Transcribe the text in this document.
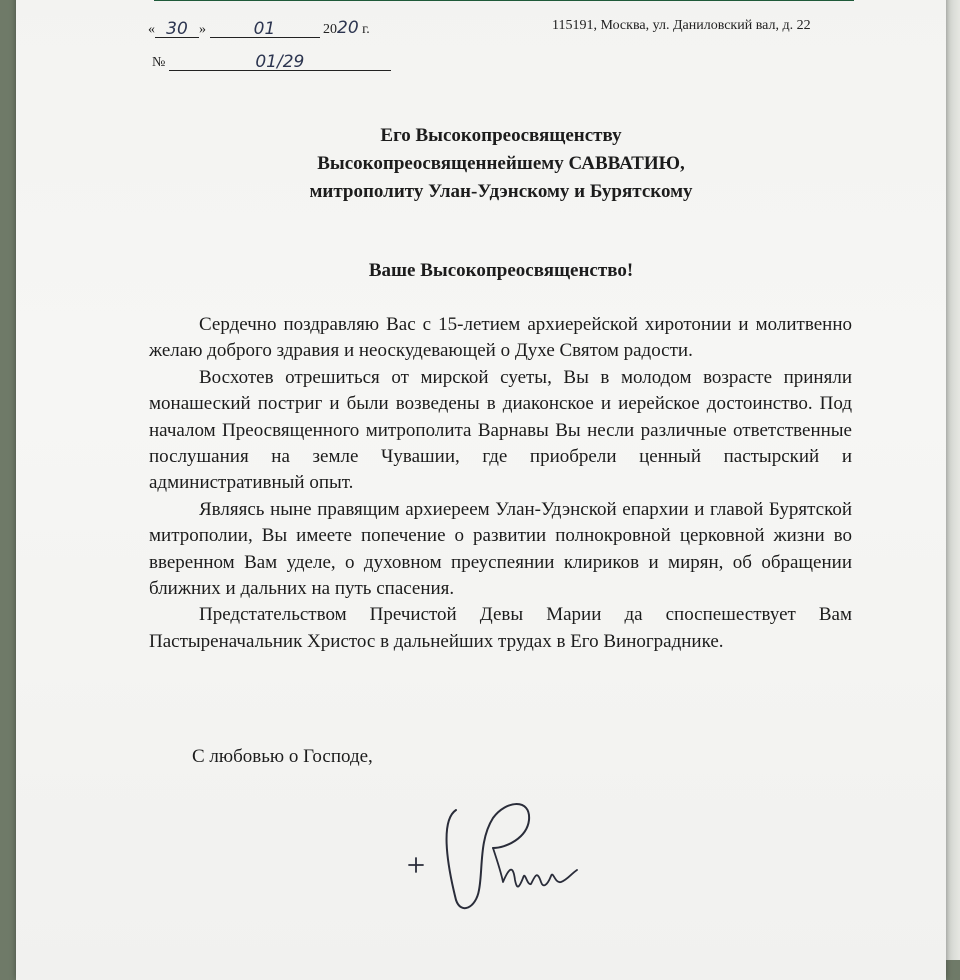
« 30 »	01	2020 г.	115191, Москва, ул. Даниловский вал, д. 22
№	01/29
Его Высокопреосвященству
Высокопреосвященнейшему САВВАТИЮ,
митрополиту Улан-Удэнскому и Бурятскому
Ваше Высокопреосвященство!

Сердечно поздравляю Вас с 15-летием архиерейской хиротонии и молитвенно желаю доброго здравия и неоскудевающей о Духе Святом радости.

Восхотев отрешиться от мирской суеты, Вы в молодом возрасте приняли монашеский постриг и были возведены в диаконское и иерейское достоинство. Под началом Преосвященного митрополита Варнавы Вы несли различные ответственные послушания на земле Чувашии, где приобрели ценный пастырский и административный опыт.

Являясь ныне правящим архиереем Улан-Удэнской епархии и главой Бурятской митрополии, Вы имеете попечение о развитии полнокровной церковной жизни во вверенном Вам уделе, о духовном преуспеянии клириков и мирян, об обращении ближних и дальних на путь спасения.

Предстательством Пречистой Девы Марии да споспешествует Вам Пастыреначальник Христос в дальнейших трудах в Его Винограднике.

С любовью о Господе,
